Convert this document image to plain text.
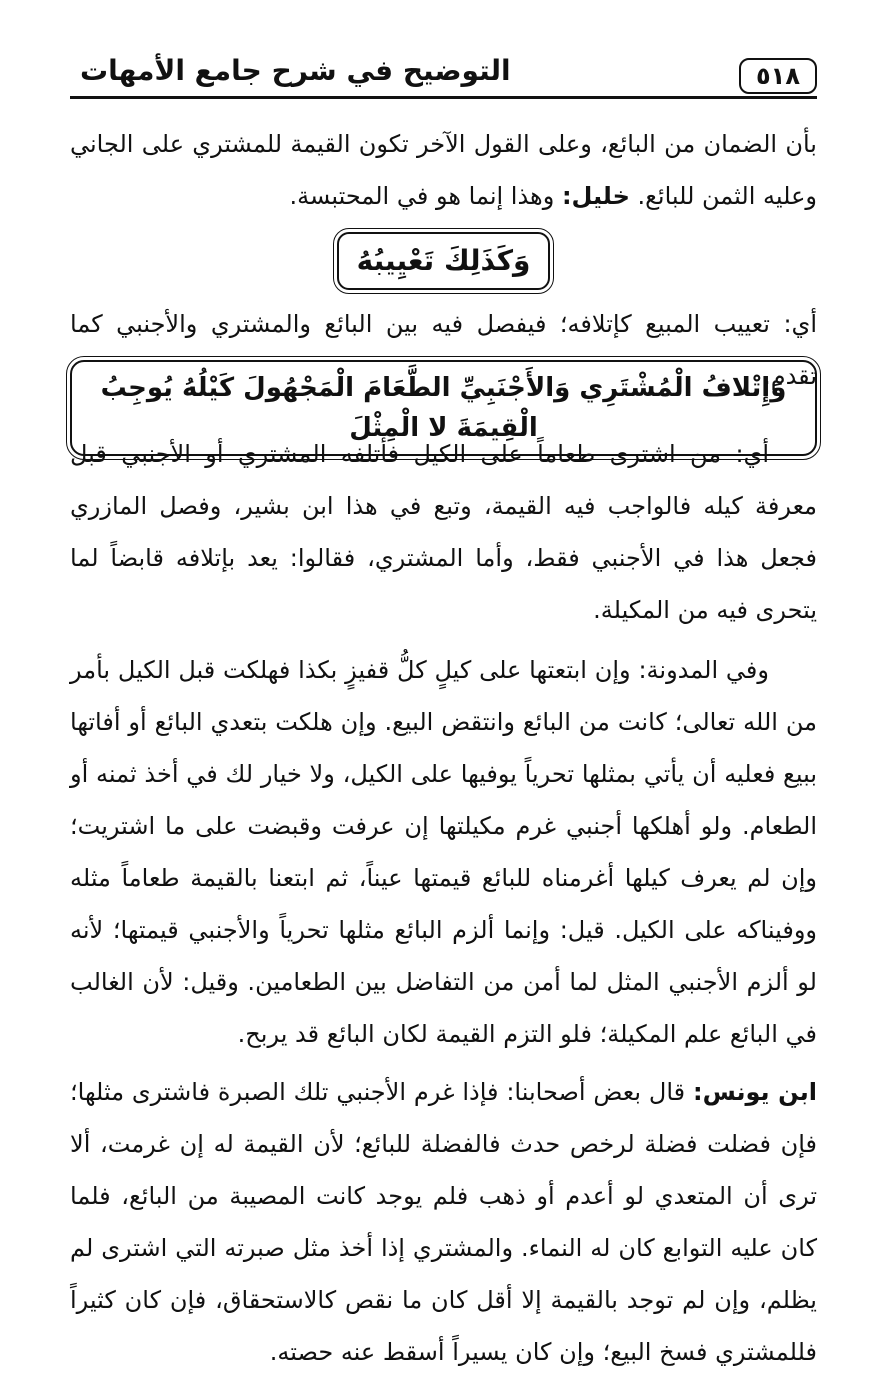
٥١٨
التوضيح في شرح جامع الأمهات

بأن الضمان من البائع، وعلى القول الآخر تكون القيمة للمشتري على الجاني وعليه الثمن للبائع. خليل: وهذا إنما هو في المحتبسة.

وَكَذَلِكَ تَعْيِيبُهُ

أي: تعييب المبيع كإتلافه؛ فيفصل فيه بين البائع والمشتري والأجنبي كما تقدم.

وَإِتْلافُ الْمُشْتَرِي وَالأَجْنَبِيِّ الطَّعَامَ الْمَجْهُولَ كَيْلُهُ يُوجِبُ الْقِيمَةَ لا الْمِثْلَ

أي: من اشترى طعاماً على الكيل فأتلفه المشتري أو الأجنبي قبل معرفة كيله فالواجب فيه القيمة، وتبع في هذا ابن بشير، وفصل المازري فجعل هذا في الأجنبي فقط، وأما المشتري، فقالوا: يعد بإتلافه قابضاً لما يتحرى فيه من المكيلة.

وفي المدونة: وإن ابتعتها على كيلٍ كلُّ قفيزٍ بكذا فهلكت قبل الكيل بأمر من الله تعالى؛ كانت من البائع وانتقض البيع. وإن هلكت بتعدي البائع أو أفاتها ببيع فعليه أن يأتي بمثلها تحرياً يوفيها على الكيل، ولا خيار لك في أخذ ثمنه أو الطعام. ولو أهلكها أجنبي غرم مكيلتها إن عرفت وقبضت على ما اشتريت؛ وإن لم يعرف كيلها أغرمناه للبائع قيمتها عيناً، ثم ابتعنا بالقيمة طعاماً مثله ووفيناكه على الكيل. قيل: وإنما ألزم البائع مثلها تحرياً والأجنبي قيمتها؛ لأنه لو ألزم الأجنبي المثل لما أمن من التفاضل بين الطعامين. وقيل: لأن الغالب في البائع علم المكيلة؛ فلو التزم القيمة لكان البائع قد يربح.

ابن يونس: قال بعض أصحابنا: فإذا غرم الأجنبي تلك الصبرة فاشترى مثلها؛ فإن فضلت فضلة لرخص حدث فالفضلة للبائع؛ لأن القيمة له إن غرمت، ألا ترى أن المتعدي لو أعدم أو ذهب فلم يوجد كانت المصيبة من البائع، فلما كان عليه التوابع كان له النماء. والمشتري إذا أخذ مثل صبرته التي اشترى لم يظلم، وإن لم توجد بالقيمة إلا أقل كان ما نقص كالاستحقاق، فإن كان كثيراً فللمشتري فسخ البيع؛ وإن كان يسيراً أسقط عنه حصته.
